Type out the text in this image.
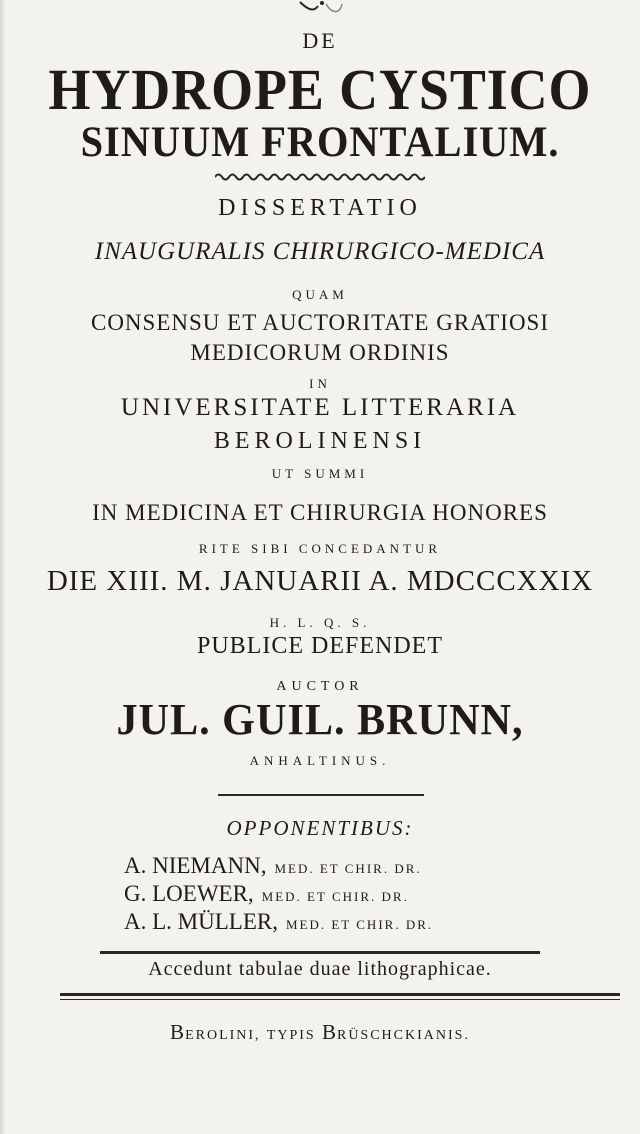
DE
HYDROPE CYSTICO
SINUUM FRONTALIUM.
DISSERTATIO
INAUGURALIS CHIRURGICO-MEDICA
QUAM
CONSENSU ET AUCTORITATE GRATIOSI
MEDICORUM ORDINIS
IN
UNIVERSITATE LITTERARIA
BEROLINENSI
UT SUMMI
IN MEDICINA ET CHIRURGIA HONORES
RITE SIBI CONCEDANTUR
DIE XIII. M. JANUARII A. MDCCCXXIX
H. L. Q. S.
PUBLICE DEFENDET
AUCTOR
JUL. GUIL. BRUNN,
ANHALTINUS.
OPPONENTIBUS:
A. NIEMANN, MED. ET CHIR. DR.
G. LOEWER, MED. ET CHIR. DR.
A. L. MÜLLER, MED. ET CHIR. DR.
Accedunt tabulae duae lithographicae.
BEROLINI, TYPIS BRÜSCHCKIANIS.
